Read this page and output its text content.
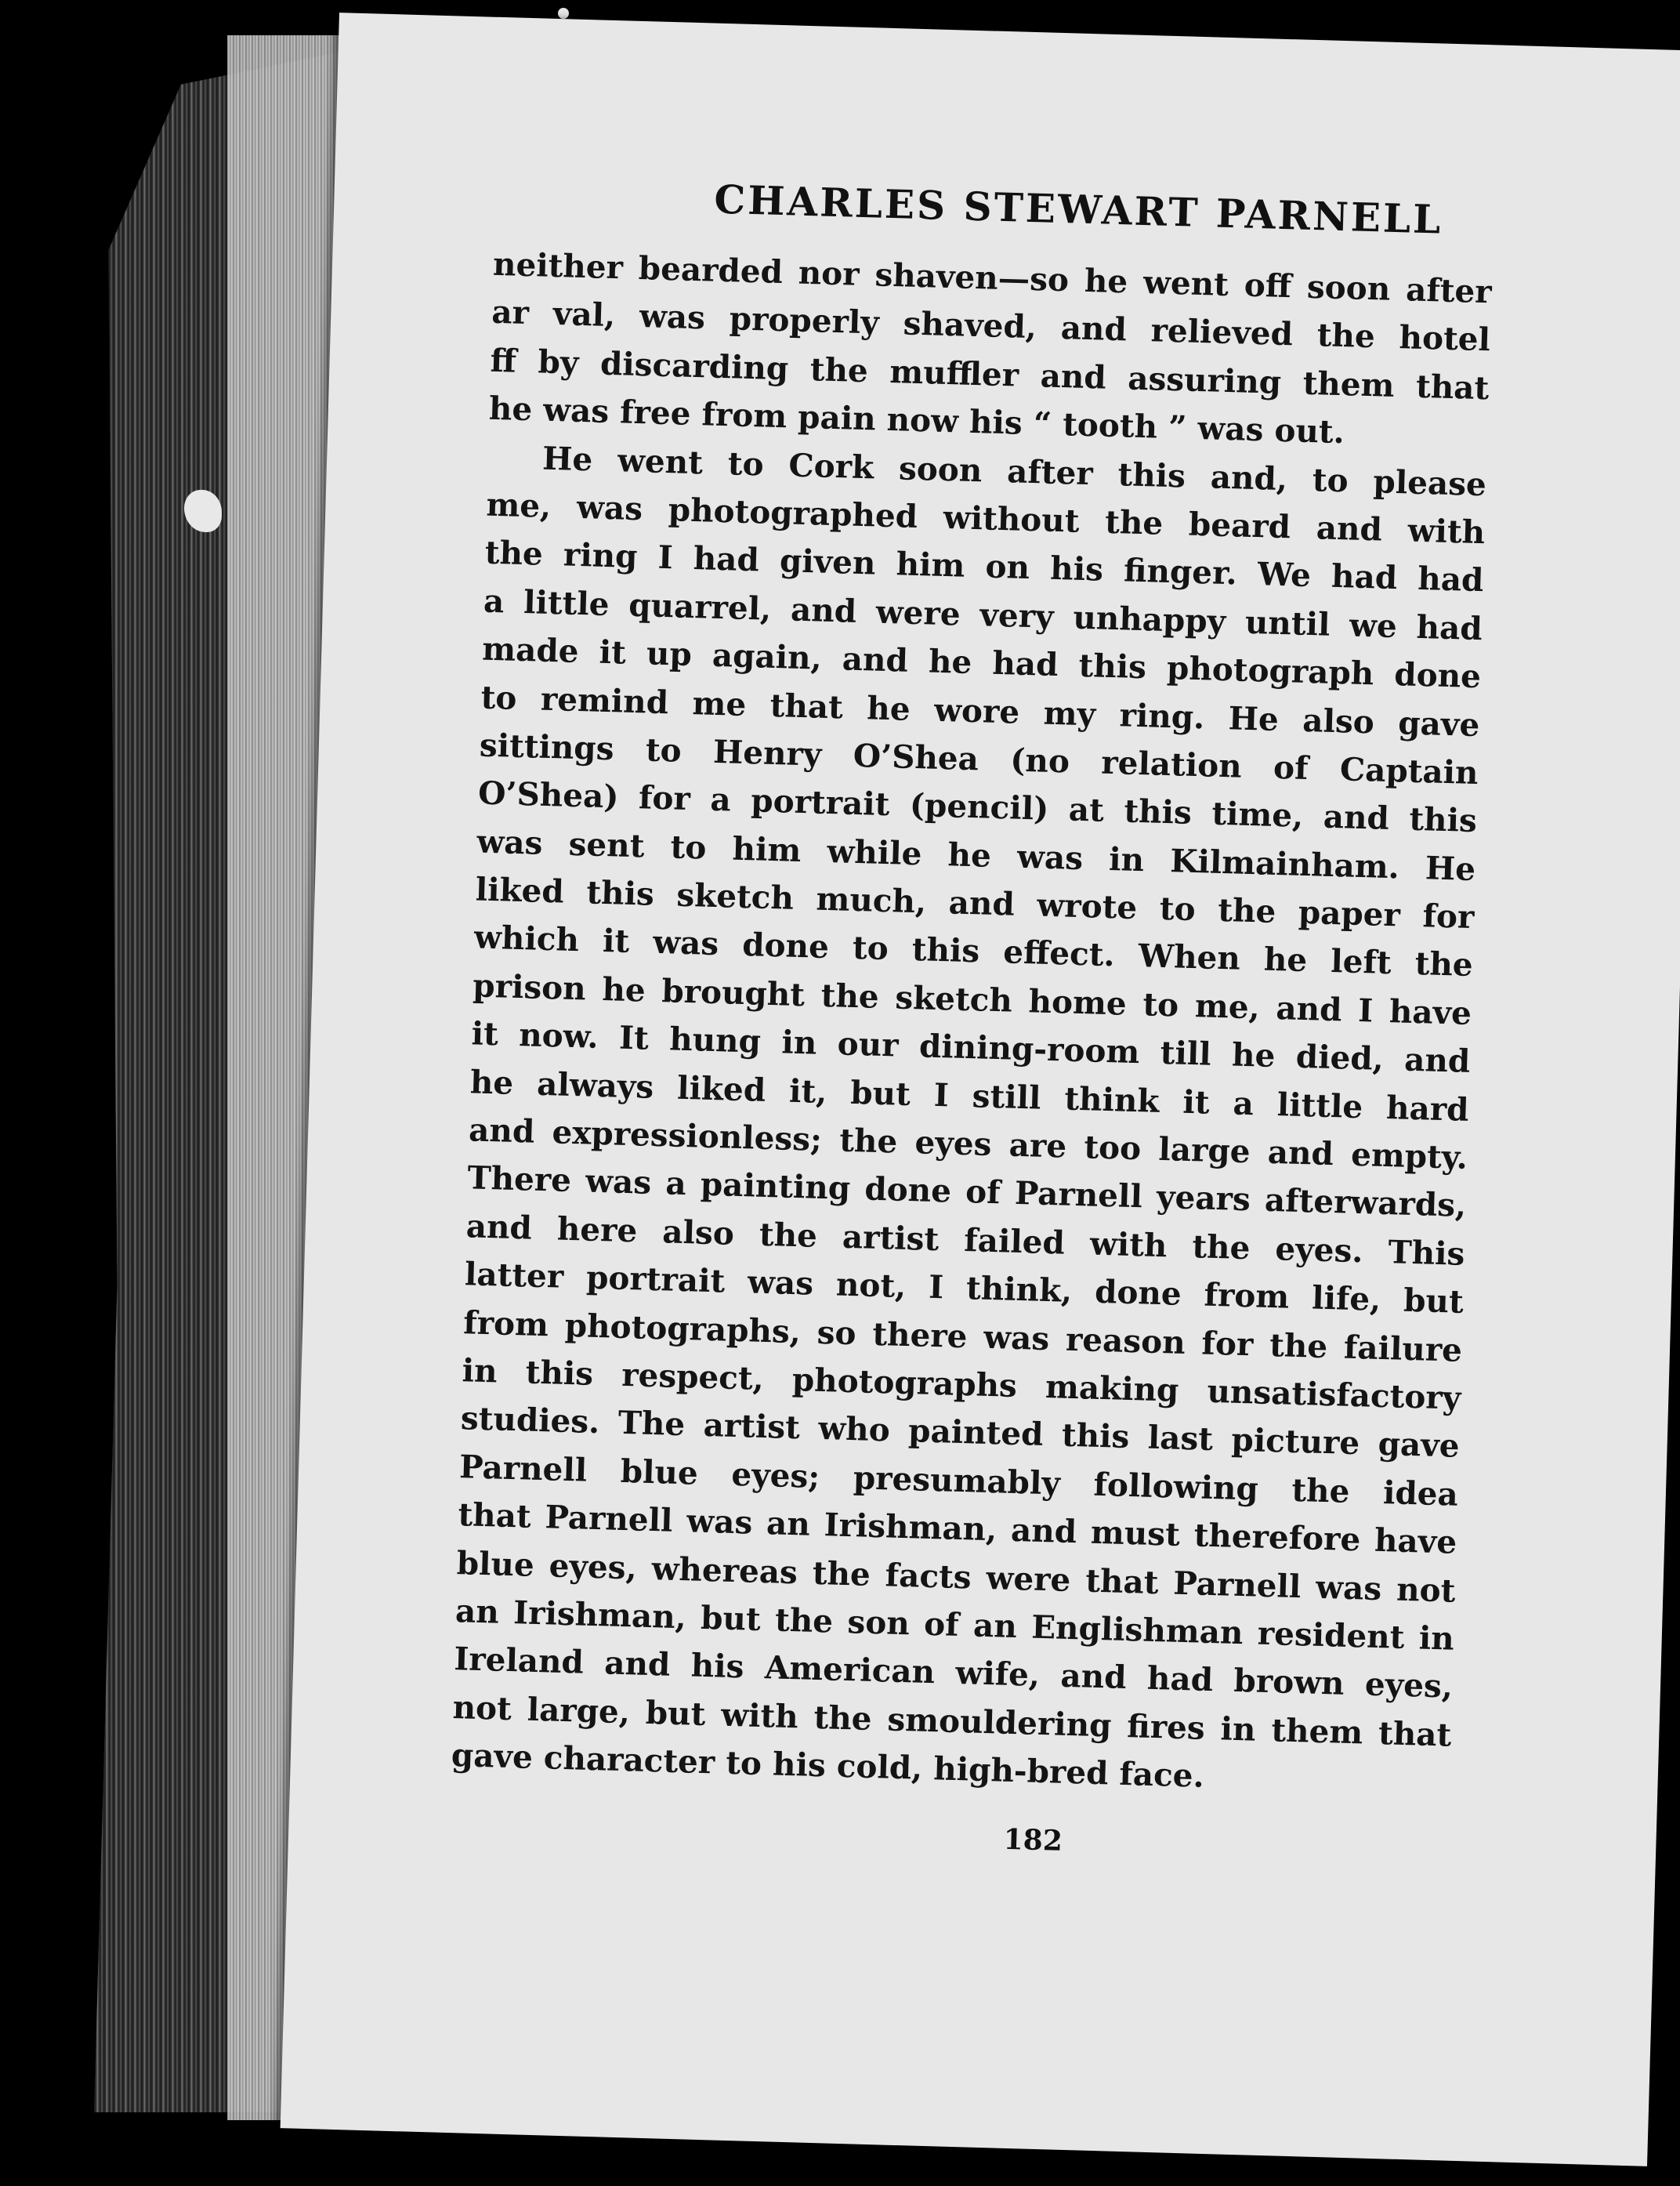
CHARLES STEWART PARNELL
neither bearded nor shaven—so he went off soon after
ar val, was properly shaved, and relieved the hotel
ff by discarding the muffler and assuring them that
he was free from pain now his “ tooth ” was out.
He went to Cork soon after this and, to please
me, was photographed without the beard and with
the ring I had given him on his finger. We had had
a little quarrel, and were very unhappy until we had
made it up again, and he had this photograph done
to remind me that he wore my ring. He also gave
sittings to Henry O’Shea (no relation of Captain
O’Shea) for a portrait (pencil) at this time, and this
was sent to him while he was in Kilmainham. He
liked this sketch much, and wrote to the paper for
which it was done to this effect. When he left the
prison he brought the sketch home to me, and I have
it now. It hung in our dining-room till he died, and
he always liked it, but I still think it a little hard
and expressionless; the eyes are too large and empty.
There was a painting done of Parnell years afterwards,
and here also the artist failed with the eyes. This
latter portrait was not, I think, done from life, but
from photographs, so there was reason for the failure
in this respect, photographs making unsatisfactory
studies. The artist who painted this last picture gave
Parnell blue eyes; presumably following the idea
that Parnell was an Irishman, and must therefore have
blue eyes, whereas the facts were that Parnell was not
an Irishman, but the son of an Englishman resident in
Ireland and his American wife, and had brown eyes,
not large, but with the smouldering fires in them that
gave character to his cold, high-bred face.
182
